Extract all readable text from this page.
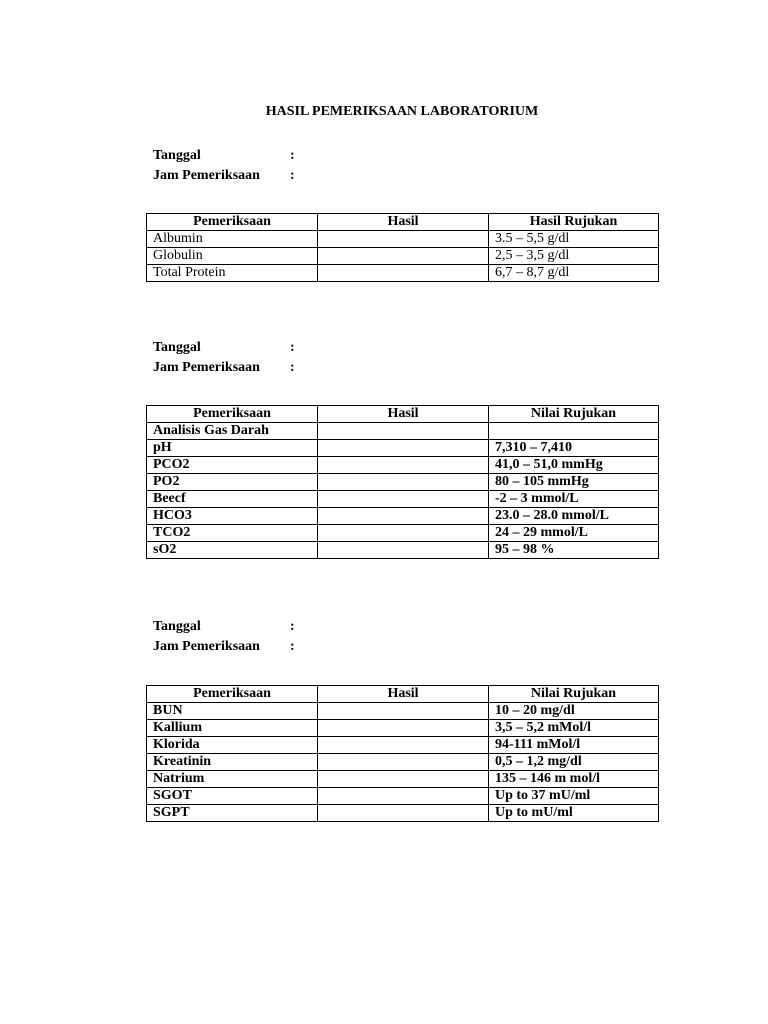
HASIL PEMERIKSAAN LABORATORIUM
Tanggal	:
Jam Pemeriksaan :
Pemeriksaan	Hasil	Hasil Rujukan
Albumin		3.5 – 5,5 g/dl
Globulin		2,5 – 3,5 g/dl
Total Protein		6,7 – 8,7 g/dl
Tanggal	:
Jam Pemeriksaan :
Pemeriksaan	Hasil	Nilai Rujukan
Analisis Gas Darah		
pH		7,310 – 7,410
PCO2		41,0 – 51,0 mmHg
PO2		80 – 105 mmHg
Beecf		-2 – 3 mmol/L
HCO3		23.0 – 28.0 mmol/L
TCO2		24 – 29 mmol/L
sO2		95 – 98 %
Tanggal	:
Jam Pemeriksaan :
Pemeriksaan	Hasil	Nilai Rujukan
BUN		10 – 20 mg/dl
Kallium		3,5 – 5,2 mMol/l
Klorida		94-111 mMol/l
Kreatinin		0,5 – 1,2 mg/dl
Natrium		135 – 146 m mol/l
SGOT		Up to 37 mU/ml
SGPT		Up to mU/ml
